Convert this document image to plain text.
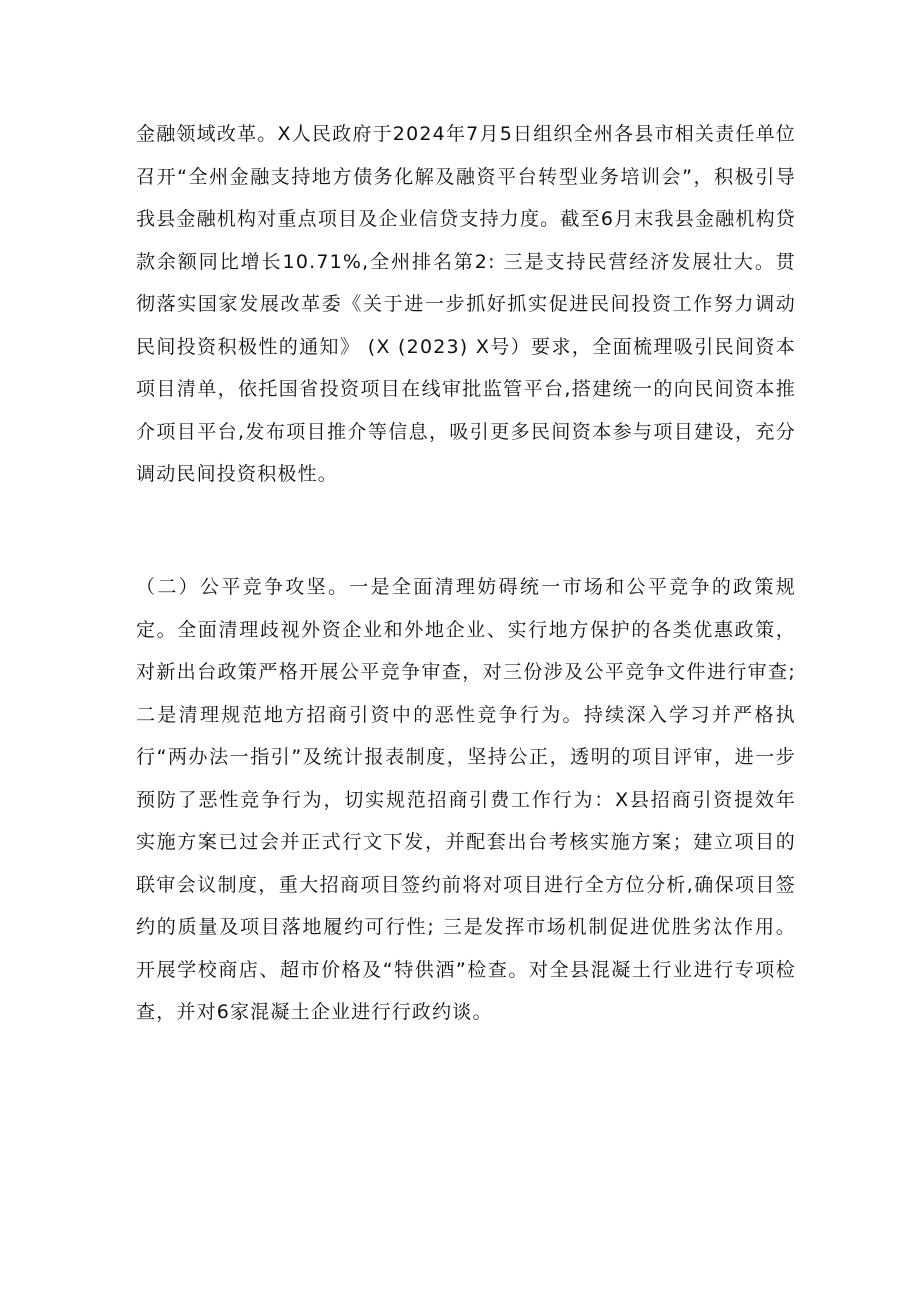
金融领域改革。X人民政府于2024年7月5日组织全州各县市相关责任单位召开“全州金融支持地方债务化解及融资平台转型业务培训会”，积极引导我县金融机构对重点项目及企业信贷支持力度。截至6月末我县金融机构贷款余额同比增长10.71%,全州排名第2: 三是支持民营经济发展壮大。贯彻落实国家发展改革委《关于进一步抓好抓实促进民间投资工作努力调动民间投资积极性的通知》 (X (2023) X号）要求，全面梳理吸引民间资本项目清单，依托国省投资项目在线审批监管平台,搭建统一的向民间资本推介项目平台,发布项目推介等信息，吸引更多民间资本参与项目建设，充分调动民间投资积极性。

（二）公平竞争攻坚。一是全面清理妨碍统一市场和公平竞争的政策规定。全面清理歧视外资企业和外地企业、实行地方保护的各类优惠政策，对新出台政策严格开展公平竞争审查，对三份涉及公平竞争文件进行审查; 二是清理规范地方招商引资中的恶性竞争行为。持续深入学习并严格执行“两办法一指引”及统计报表制度，坚持公正，透明的项目评审，进一步预防了恶性竞争行为，切实规范招商引费工作行为：X县招商引资提效年实施方案已过会并正式行文下发，并配套出台考核实施方案；建立项目的联审会议制度，重大招商项目签约前将对项目进行全方位分析,确保项目签约的质量及项目落地履约可行性; 三是发挥市场机制促进优胜劣汰作用。开展学校商店、超市价格及“特供酒”检查。对全县混凝土行业进行专项检查，并对6家混凝土企业进行行政约谈。
